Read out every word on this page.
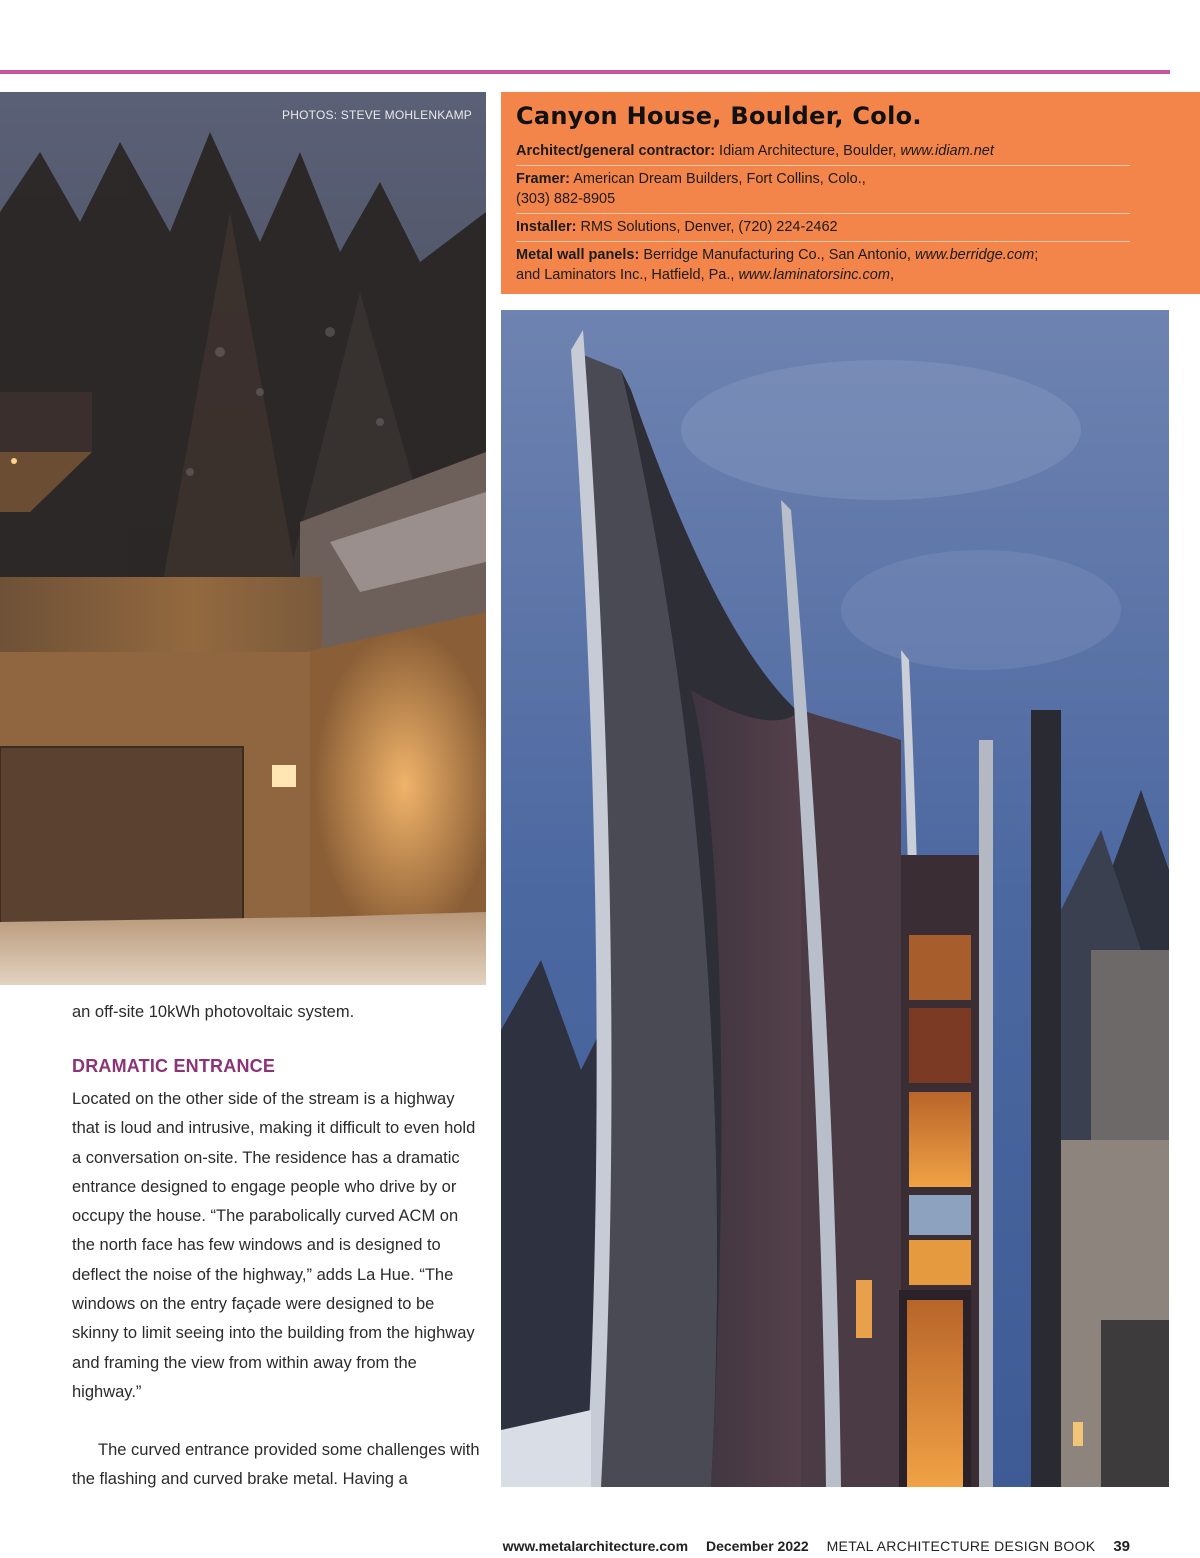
PHOTOS: STEVE MOHLENKAMP Canyon House, Boulder, Colo.
Architect/general contractor: Idiam Architecture, Boulder, www.idiam.net
Framer: American Dream Builders, Fort Collins, Colo.,
(303) 882-8905
Installer: RMS Solutions, Denver, (720) 224-2462
Metal wall panels: Berridge Manufacturing Co., San Antonio, www.berridge.com;
and Laminators Inc., Hatfield, Pa., www.laminatorsinc.com,
an off-site 10kWh photovoltaic system.
DRAMATIC ENTRANCE
Located on the other side of the stream is a highway that is loud and intrusive, making it difficult to even hold a conversation on-site. The residence has a dramatic entrance designed to engage people who drive by or occupy the house. “The parabolically curved ACM on the north face has few windows and is designed to deflect the noise of the highway,” adds La Hue. “The windows on the entry façade were designed to be skinny to limit seeing into the building from the highway and framing the view from within away from the highway.”
The curved entrance provided some challenges with the flashing and curved brake metal. Having a
www.metalarchitecture.com December 2022 METAL ARCHITECTURE DESIGN BOOK 39
